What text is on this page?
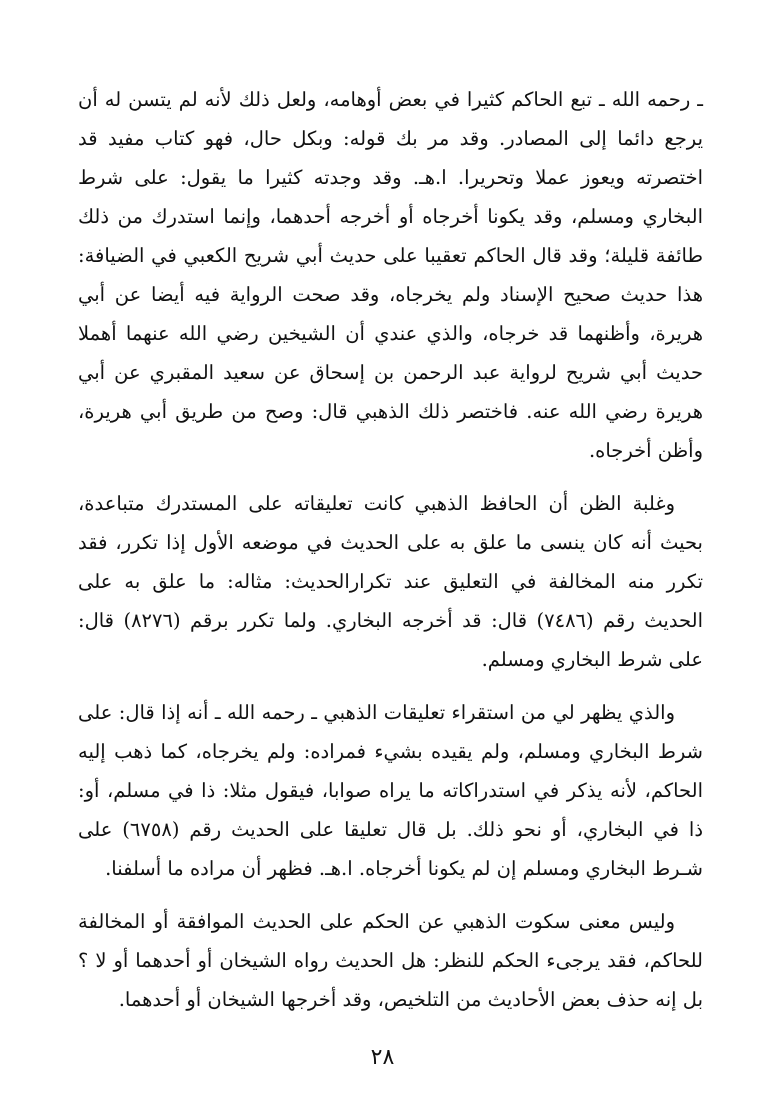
ـ رحمه الله ـ تبع الحاكم كثيرا في بعض أوهامه، ولعل ذلك لأنه لم يتسن له أن يرجع دائما إلى المصادر. وقد مر بك قوله: وبكل حال، فهو كتاب مفيد قد اختصرته ويعوز عملا وتحريرا. ا.هـ. وقد وجدته كثيرا ما يقول: على شرط البخاري ومسلم، وقد يكونا أخرجاه أو أخرجه أحدهما، وإنما استدرك من ذلك طائفة قليلة؛ وقد قال الحاكم تعقيبا على حديث أبي شريح الكعبي في الضيافة: هذا حديث صحيح الإسناد ولم يخرجاه، وقد صحت الرواية فيه أيضا عن أبي هريرة، وأظنهما قد خرجاه، والذي عندي أن الشيخين رضي الله عنهما أهملا حديث أبي شريح لرواية عبد الرحمن بن إسحاق عن سعيد المقبري عن أبي هريرة رضي الله عنه. فاختصر ذلك الذهبي قال: وصح من طريق أبي هريرة، وأظن أخرجاه.

وغلبة الظن أن الحافظ الذهبي كانت تعليقاته على المستدرك متباعدة، بحيث أنه كان ينسى ما علق به على الحديث في موضعه الأول إذا تكرر، فقد تكرر منه المخالفة في التعليق عند تكرارالحديث: مثاله: ما علق به على الحديث رقم (٧٤٨٦) قال: قد أخرجه البخاري. ولما تكرر برقم (٨٢٧٦) قال: على شرط البخاري ومسلم.

والذي يظهر لي من استقراء تعليقات الذهبي ـ رحمه الله ـ أنه إذا قال: على شرط البخاري ومسلم، ولم يقيده بشيء فمراده: ولم يخرجاه، كما ذهب إليه الحاكم، لأنه يذكر في استدراكاته ما يراه صوابا، فيقول مثلا: ذا في مسلم، أو: ذا في البخاري، أو نحو ذلك. بل قال تعليقا على الحديث رقم (٦٧٥٨) على شـرط البخاري ومسلم إن لم يكونا أخرجاه. ا.هـ. فظهر أن مراده ما أسلفنا.

وليس معنى سكوت الذهبي عن الحكم على الحديث الموافقة أو المخالفة للحاكم، فقد يرجىء الحكم للنظر: هل الحديث رواه الشيخان أو أحدهما أو لا ؟ بل إنه حذف بعض الأحاديث من التلخيص، وقد أخرجها الشيخان أو أحدهما.

٢٨
